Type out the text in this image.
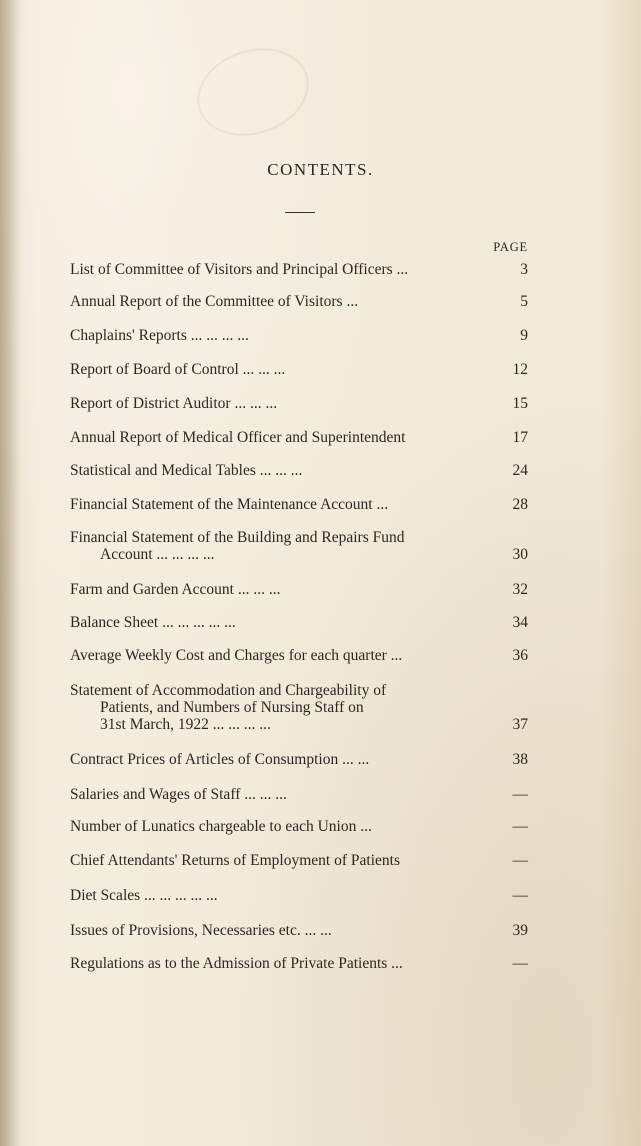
CONTENTS.
PAGE
List of Committee of Visitors and Principal Officers ...	3
Annual Report of the Committee of Visitors ...	5
Chaplains' Reports ... ... ... ...	9
Report of Board of Control ... ... ...	12
Report of District Auditor ... ... ...	15
Annual Report of Medical Officer and Superintendent	17
Statistical and Medical Tables ... ... ...	24
Financial Statement of the Maintenance Account ...	28
Financial Statement of the Building and Repairs Fund
Account ... ... ... ...	30
Farm and Garden Account ... ... ...	32
Balance Sheet ... ... ... ... ...	34
Average Weekly Cost and Charges for each quarter ...	36
Statement of Accommodation and Chargeability of
Patients, and Numbers of Nursing Staff on
31st March, 1922 ... ... ... ...	37
Contract Prices of Articles of Consumption ... ...	38
Salaries and Wages of Staff ... ... ...	—
Number of Lunatics chargeable to each Union ...	—
Chief Attendants' Returns of Employment of Patients	—
Diet Scales ... ... ... ... ...	—
Issues of Provisions, Necessaries etc. ... ...	39
Regulations as to the Admission of Private Patients ...	—
